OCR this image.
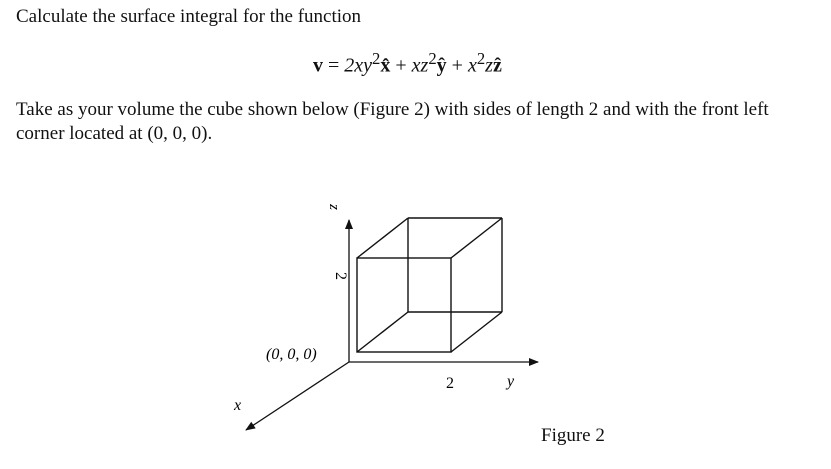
Calculate the surface integral for the function
$v = 2xy^2x̂$ + $xz^2ŷ$ + $x^2zẑ$
Take as your volume the cube shown below (Figure 2) with sides of length 2 and with the front left
corner located at (0, 0, 0).
z
2
(0, 0, 0)
2	y
x
Figure 2
